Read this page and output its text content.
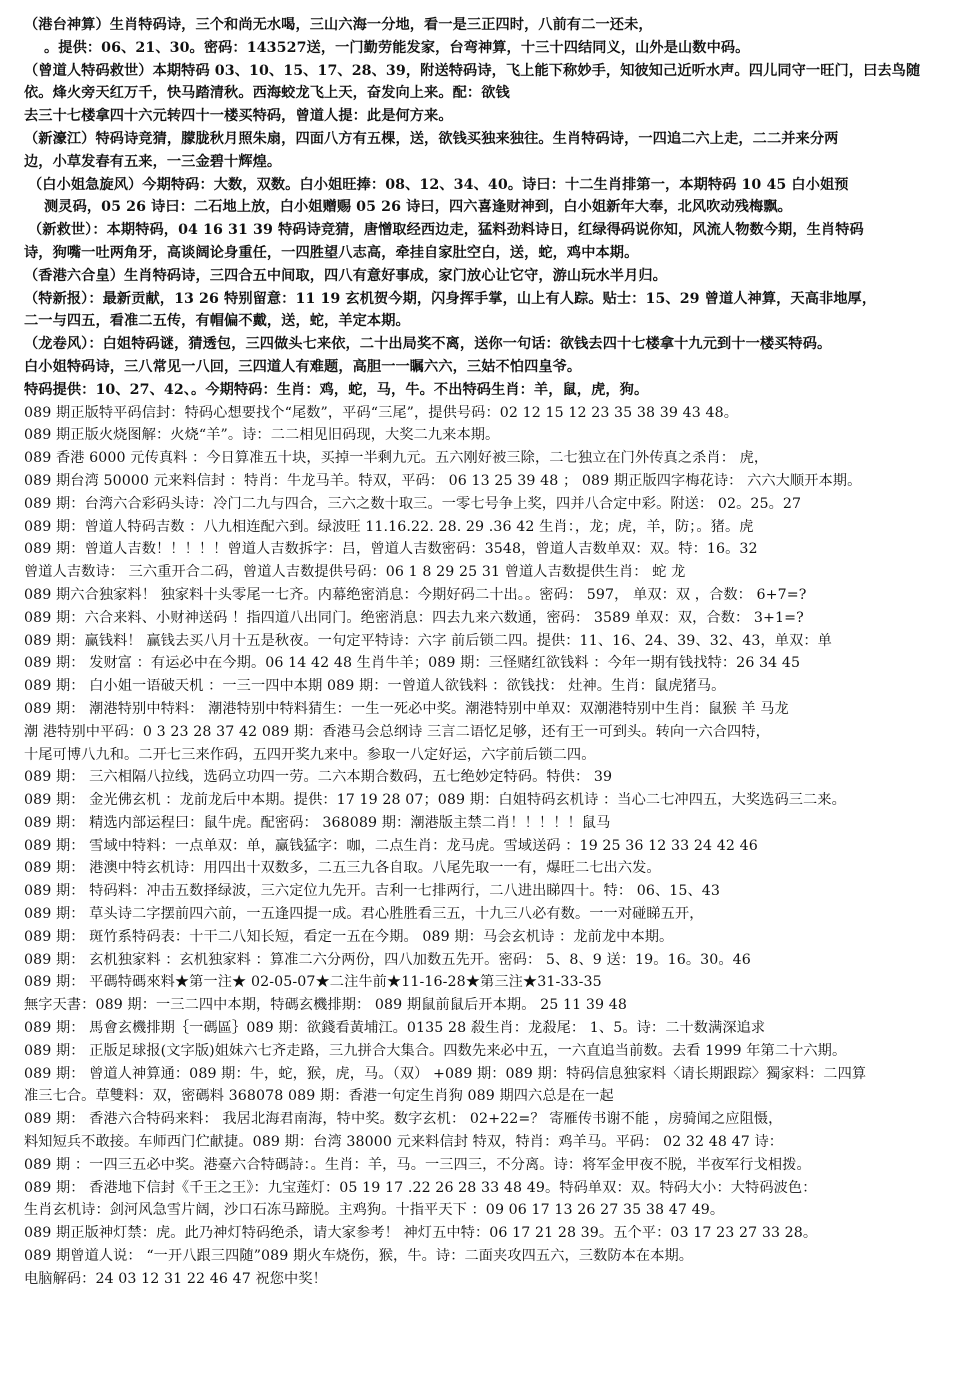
（港台神算）生肖特码诗，三个和尚无水喝，三山六海一分地，看一是三正四时，八前有二一还未，
。提供：06、21、30。密码：143527送，一门勤劳能发家，台弯神算，十三十四结同义，山外是山数中码。
（曾道人特码救世）本期特码 03、10、15、17、28、39，附送特码诗，飞上能下称妙手，知彼知己近听水声。四儿同守一旺门，曰去鸟随
依。烽火旁天红万千，快马踏清秋。西海蛟龙飞上天，奋发向上来。配：欲钱
去三十七楼拿四十六元转四十一楼买特码，曾道人提：此是何方来。
（新濠江）特码诗竞猜，朦胧秋月照朱扇，四面八方有五棵，送，欲钱买独来独往。生肖特码诗，一四追二六上走，二二并来分两
边，小草发春有五来，一三金碧十辉煌。
（白小姐急旋风）今期特码：大数，双数。白小姐旺捧：08、12、34、40。诗曰：十二生肖排第一，本期特码 10 45 白小姐预
测灵码，05 26 诗曰：二石地上放，白小姐赠赐 05 26 诗曰，四六喜逢财神到，白小姐新年大奉，北风吹动残梅飘。
（新救世）：本期特码，04 16 31 39 特码诗竞猜，唐憎取经西边走，猛料劲料诗日，红绿得码说你知，风流人物数今期，生肖特码
诗，狗嘴一吐两角牙，高谈阔论身重任，一四胜望八志高，牵挂自家肚空白，送，蛇，鸡中本期。
（香港六合皇）生肖特码诗，三四合五中间取，四八有意好事成，家门放心让它守，游山玩水半月归。
（特新报）：最新贡献，13 26 特别留意：11 19 玄机贺今期，闪身挥手掌，山上有人踪。贴士：15、29 曾道人神算，天高非地厚，
二一与四五，看准二五传，有帽偏不戴，送，蛇，羊定本期。
（龙卷风）：白姐特码谜，猜透包，三四做头七来依，二十出局奖不离，送你一句话：欲钱去四十七楼拿十九元到十一楼买特码。
白小姐特码诗，三八常见一八回，三四道人有难题，高胆一一瞩六六，三姑不怕四皇爷。
特码提供：10、27、42、。今期特码：生肖：鸡，蛇，马，牛。不出特码生肖：羊，鼠，虎，狗。
089 期正版特平码信封：特码心想要找个“尾数”，平码“三尾”，提供号码：02 12 15 12 23 35 38 39 43 48。
089 期正版火烧图解：火烧“羊”。诗：二二相见旧码现，大奖二九来本期。
089 香港 6000 元传真料 ：今日算准五十块，买掉一半剩九元。五六刚好被三除，二七独立在门外传真之杀肖： 虎，
089 期台湾 50000 元来料信封 ：特肖：牛龙马羊。特双，平码： 06 13 25 39 48 ； 089 期正版四字梅花诗： 六六大顺开本期。
089 期：台湾六合彩码头诗：冷门二九与四合，三六之数十取三。一零七号争上奖，四并八合定中彩。附送： 02。25。27
089 期：曾道人特码吉数 ：八九相连配六到。绿波旺 11.16.22. 28. 29 .36 42 生肖：，龙；虎，羊，防；。猪。虎
089 期：曾道人吉数！！！！！曾道人吉数拆字：吕，曾道人吉数密码：3548，曾道人吉数单双：双。特：16。32
曾道人吉数诗： 三六重开合二码，曾道人吉数提供号码：06 1 8 29 25 31 曾道人吉数提供生肖： 蛇 龙
089 期六合独家料！ 独家料十头零尾一七齐。内幕绝密消息：今期好码二十出。。密码： 597， 单双：双 ，合数： 6+7=?
089 期：六合来料、小财神送码 ！指四道八出同门。绝密消息：四去九来六数通，密码： 3589 单双：双，合数： 3+1=?
089 期：赢钱料！ 赢钱去买八月十五是秋夜。一句定平特诗：六字 前后锁二四。提供：11、16、24、39、32、43，单双：单
089 期： 发财富 ：有运必中在今期。06 14 42 48 生肖牛羊；089 期：三怪赌红欲钱料 ：今年一期有钱找特：26 34 45
089 期： 白小姐一语破天机 ：一三一四中本期 089 期：一曾道人欲钱料 ：欲钱找： 灶神。生肖：鼠虎猪马。
089 期： 潮港特别中特料： 潮港特别中特料猜生：一生一死必中奖。潮港特别中单双：双潮港特别中生肖：鼠猴 羊 马龙
潮 港特别中平码：0 3 23 28 37 42 089 期：香港马会总纲诗 三言二语忆足够，还有王一可到头。转向一六合四特，
十尾可博八九和。二开七三来作码，五四开奖九来中。参取一八定好运，六字前后锁二四。
089 期： 三六相隔八拉线，选码立功四一劳。二六本期合数码，五七绝妙定特码。特供： 39
089 期： 金光佛玄机 ：龙前龙后中本期。提供：17 19 28 07；089 期：白姐特码玄机诗 ：当心二七冲四五，大奖选码三二来。
089 期： 精选内部运程曰：鼠牛虎。配密码： 368089 期：潮港版主禁二肖！！！！！鼠马
089 期： 雪域中特料：一点单双：单，赢钱猛字：咖，二点生肖：龙马虎。雪域送码 ：19 25 36 12 33 24 42 46
089 期： 港澳中特玄机诗：用四出十双数多，二五三九各自取。八尾先取一一有，爆旺二七出六发。
089 期： 特码料：冲击五数择绿波，三六定位九先开。吉利一七排两行，二八进出睇四十。特： 06、15、43
089 期： 草头诗二字摆前四六前，一五逢四提一成。君心胜胜看三五，十九三八必有数。一一对碰睇五开，
089 期： 斑竹系特码表：十干二八知长短，看定一五在今期。 089 期：马会玄机诗 ：龙前龙中本期。
089 期： 玄机独家料 ：玄机独家料 ：算准二六分两份，四八加数五先开。密码： 5、8、9 送：19。16。30。46
089 期： 平碼特碼來料★第一注★ 02-05-07★二注牛前★11-16-28★第三注★31-33-35
無字天書：089 期：一三二四中本期，特碼玄機排期： 089 期鼠前鼠后开本期。 25 11 39 48
089 期： 馬會玄機排期｛一碼區｝089 期：欲錢看黃埔江。0135 28 殺生肖：龙殺尾： 1、5。诗：二十数满深追求
089 期： 正版足球报(文字版)姐妹六七齐走路，三九拼合大集合。四数先来必中五，一六直追当前数。去看 1999 年第二十六期。
089 期： 曾道人神算通：089 期：牛，蛇，猴，虎，马。（双） +089 期：089 期：特码信息独家料〈请长期跟踪〉獨家料：二四算
准三七合。草雙料：双，密碼料 368078 089 期：香港一句定生肖狗 089 期四六总是在一起
089 期： 香港六合特码来料： 我居北海君南海，特中奖。数字玄机： 02+22=？ 寄雁传书谢不能 ，房骑闻之应阻慑，
料知短兵不敢接。车师西门伫献捷。089 期：台湾 38000 元来料信封 特双，特肖：鸡羊马。平码： 02 32 48 47 诗：
089 期 ：一四三五必中奖。港臺六合特碼詩：。生肖：羊，马。一三四三，不分离。诗：将军金甲夜不脱，半夜军行戈相拨。
089 期： 香港地下信封《千王之王》：九宝莲灯：05 19 17 .22 26 28 33 48 49。特码单双：双。特码大小：大特码波色：
生肖玄机诗：剑河风急雪片阔，沙口石冻马蹄脱。主鸡狗。十指平天下 ：09 06 17 13 26 27 35 38 47 49。
089 期正版神灯禁：虎。此乃神灯特码绝杀，请大家参考！ 神灯五中特：06 17 21 28 39。五个平：03 17 23 27 33 28。
089 期曾道人说： “一开八跟三四随”089 期火车烧伤，猴，牛。诗：二面夹攻四五六，三数防本在本期。
电脑解码：24 03 12 31 22 46 47 祝您中奖！
